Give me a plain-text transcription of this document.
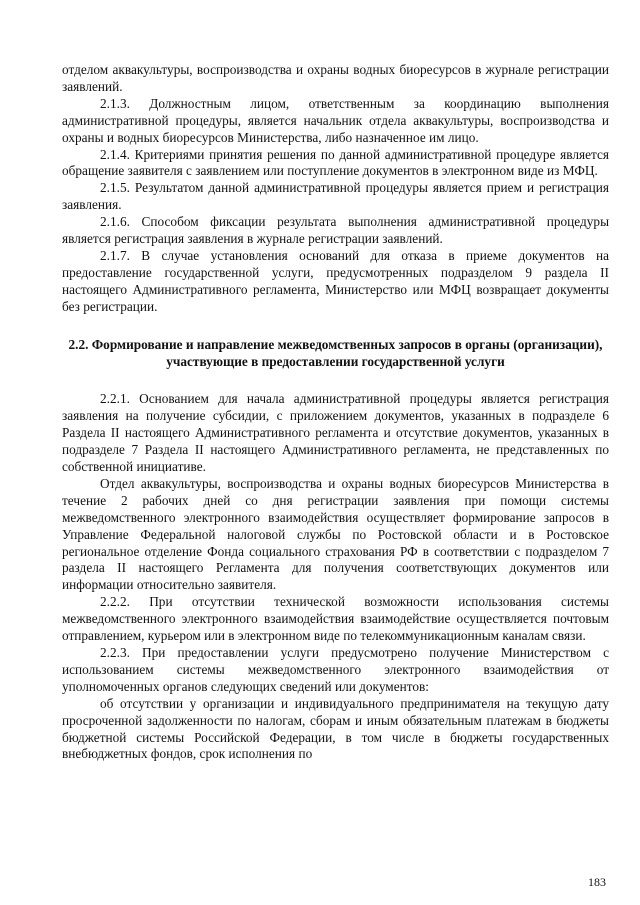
отделом аквакультуры, воспроизводства и охраны водных биоресурсов в журнале регистрации заявлений.

2.1.3. Должностным лицом, ответственным за координацию выполнения административной процедуры, является начальник отдела аквакультуры, воспроизводства и охраны и водных биоресурсов Министерства, либо назначенное им лицо.

2.1.4. Критериями принятия решения по данной административной процедуре является обращение заявителя с заявлением или поступление документов в электронном виде из МФЦ.

2.1.5. Результатом данной административной процедуры является прием и регистрация заявления.

2.1.6. Способом фиксации результата выполнения административной процедуры является регистрация заявления в журнале регистрации заявлений.

2.1.7. В случае установления оснований для отказа в приеме документов на предоставление государственной услуги, предусмотренных подразделом 9 раздела II настоящего Административного регламента, Министерство или МФЦ возвращает документы без регистрации.

2.2. Формирование и направление межведомственных запросов в органы (организации), участвующие в предоставлении государственной услуги

2.2.1. Основанием для начала административной процедуры является регистрация заявления на получение субсидии, с приложением документов, указанных в подразделе 6 Раздела II настоящего Административного регламента и отсутствие документов, указанных в подразделе 7 Раздела II настоящего Административного регламента, не представленных по собственной инициативе.

Отдел аквакультуры, воспроизводства и охраны водных биоресурсов Министерства в течение 2 рабочих дней со дня регистрации заявления при помощи системы межведомственного электронного взаимодействия осуществляет формирование запросов в Управление Федеральной налоговой службы по Ростовской области и в Ростовское региональное отделение Фонда социального страхования РФ в соответствии с подразделом 7 раздела II настоящего Регламента для получения соответствующих документов или информации относительно заявителя.

2.2.2. При отсутствии технической возможности использования системы межведомственного электронного взаимодействия взаимодействие осуществляется почтовым отправлением, курьером или в электронном виде по телекоммуникационным каналам связи.

2.2.3. При предоставлении услуги предусмотрено получение Министерством с использованием системы межведомственного электронного взаимодействия от уполномоченных органов следующих сведений или документов:

об отсутствии у организации и индивидуального предпринимателя на текущую дату просроченной задолженности по налогам, сборам и иным обязательным платежам в бюджеты бюджетной системы Российской Федерации, в том числе в бюджеты государственных внебюджетных фондов, срок исполнения по

183
